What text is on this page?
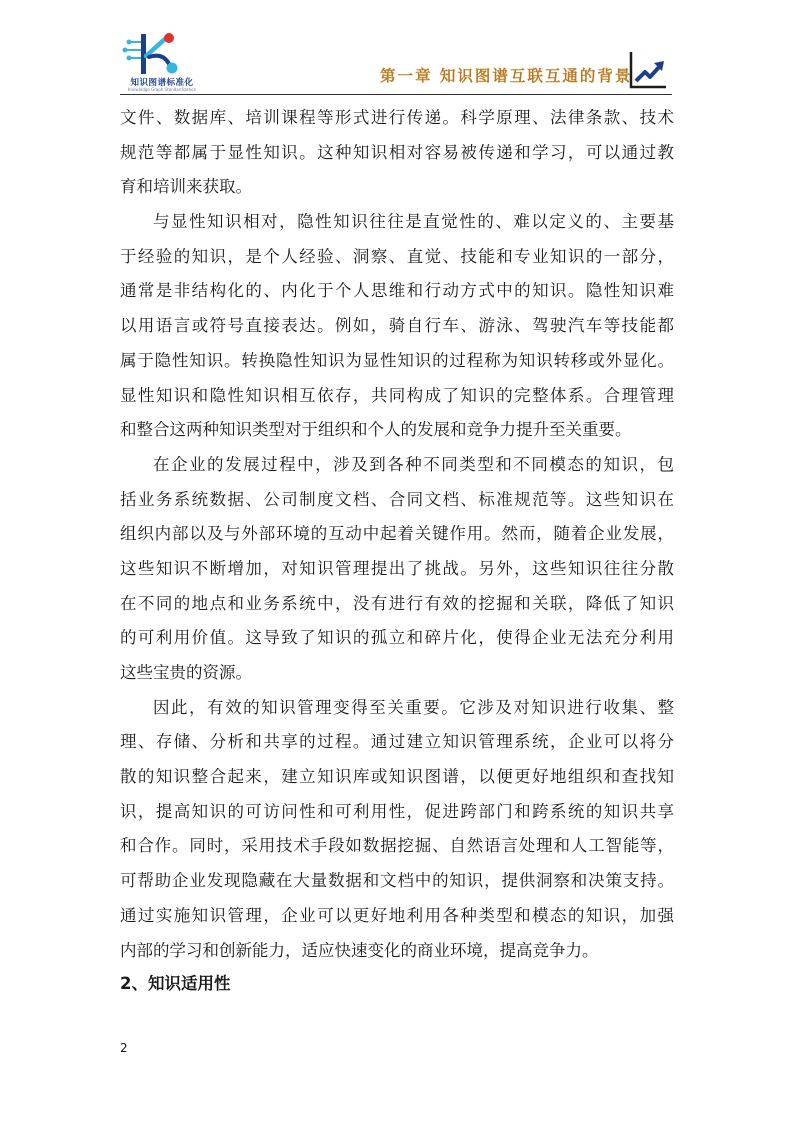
知识图谱标准化
Knowledge Graph Standardization
第一章 知识图谱互联互通的背景
文件、数据库、培训课程等形式进行传递。科学原理、法律条款、技术
规范等都属于显性知识。这种知识相对容易被传递和学习，可以通过教
育和培训来获取。
与显性知识相对，隐性知识往往是直觉性的、难以定义的、主要基
于经验的知识，是个人经验、洞察、直觉、技能和专业知识的一部分，
通常是非结构化的、内化于个人思维和行动方式中的知识。隐性知识难
以用语言或符号直接表达。例如，骑自行车、游泳、驾驶汽车等技能都
属于隐性知识。转换隐性知识为显性知识的过程称为知识转移或外显化。
显性知识和隐性知识相互依存，共同构成了知识的完整体系。合理管理
和整合这两种知识类型对于组织和个人的发展和竞争力提升至关重要。
在企业的发展过程中，涉及到各种不同类型和不同模态的知识，包
括业务系统数据、公司制度文档、合同文档、标准规范等。这些知识在
组织内部以及与外部环境的互动中起着关键作用。然而，随着企业发展，
这些知识不断增加，对知识管理提出了挑战。另外，这些知识往往分散
在不同的地点和业务系统中，没有进行有效的挖掘和关联，降低了知识
的可利用价值。这导致了知识的孤立和碎片化，使得企业无法充分利用
这些宝贵的资源。
因此，有效的知识管理变得至关重要。它涉及对知识进行收集、整
理、存储、分析和共享的过程。通过建立知识管理系统，企业可以将分
散的知识整合起来，建立知识库或知识图谱，以便更好地组织和查找知
识，提高知识的可访问性和可利用性，促进跨部门和跨系统的知识共享
和合作。同时，采用技术手段如数据挖掘、自然语言处理和人工智能等，
可帮助企业发现隐藏在大量数据和文档中的知识，提供洞察和决策支持。
通过实施知识管理，企业可以更好地利用各种类型和模态的知识，加强
内部的学习和创新能力，适应快速变化的商业环境，提高竞争力。
2、知识适用性
2
